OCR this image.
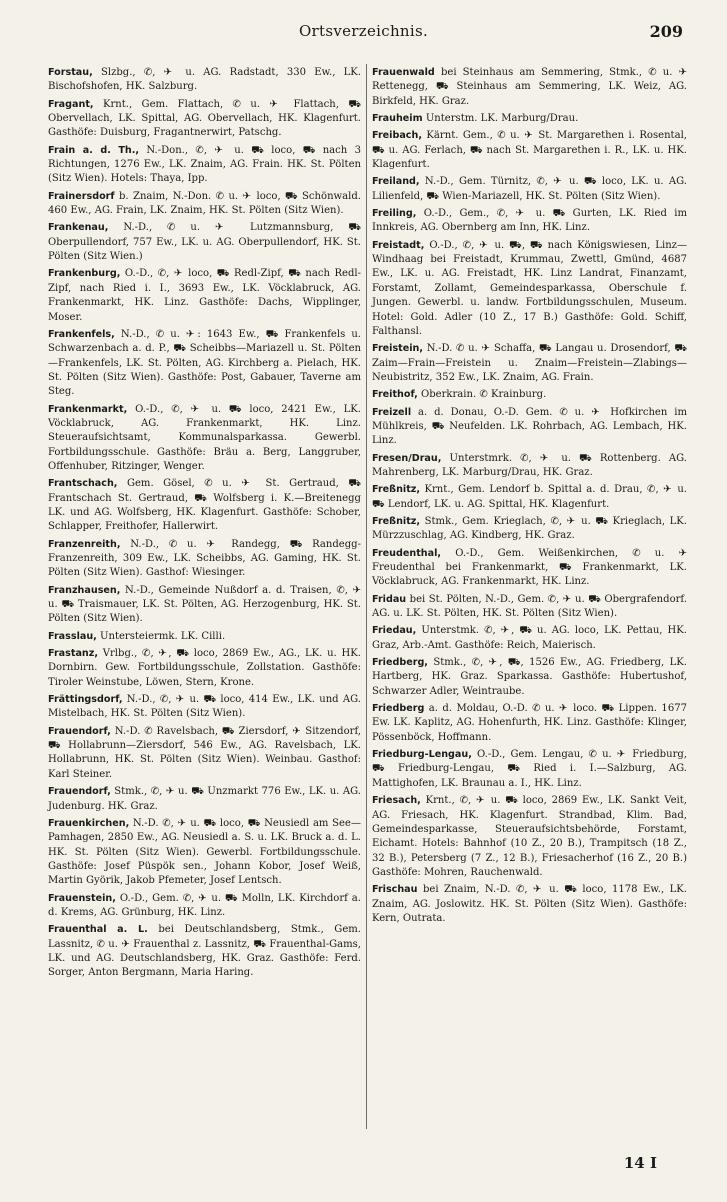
Ortsverzeichnis.	209
Forstau, Slzbg., ✆, ✈ u. AG. Radstadt, 330 Ew., LK. Bischofshofen, HK. Salzburg.
Fragant, Krnt., Gem. Flattach, ✆ u. ✈ Flattach, ⛟ Obervellach, LK. Spittal, AG. Obervellach, HK. Klagenfurt. Gasthöfe: Duisburg, Fragantnerwirt, Patschg.
Frain a. d. Th., N.-Don., ✆, ✈ u. ⛟ loco, ⛟ nach 3 Richtungen, 1276 Ew., LK. Znaim, AG. Frain. HK. St. Pölten (Sitz Wien). Hotels: Thaya, Ipp.
Frainersdorf b. Znaim, N.-Don. ✆ u. ✈ loco, ⛟ Schönwald. 460 Ew., AG. Frain, LK. Znaim, HK. St. Pölten (Sitz Wien).
Frankenau, N.-D., ✆ u. ✈ Lutzmannsburg, ⛟ Oberpullendorf, 757 Ew., LK. u. AG. Oberpullendorf, HK. St. Pölten (Sitz Wien.)
Frankenburg, O.-D., ✆, ✈ loco, ⛟ Redl-Zipf, ⛟ nach Redl-Zipf, nach Ried i. I., 3693 Ew., LK. Vöcklabruck, AG. Frankenmarkt, HK. Linz. Gasthöfe: Dachs, Wipplinger, Moser.
Frankenfels, N.-D., ✆ u. ✈: 1643 Ew., ⛟ Frankenfels u. Schwarzenbach a. d. P., ⛟ Scheibbs—Mariazell u. St. Pölten—Frankenfels, LK. St. Pölten, AG. Kirchberg a. Pielach, HK. St. Pölten (Sitz Wien). Gasthöfe: Post, Gabauer, Taverne am Steg.
Frankenmarkt, O.-D., ✆, ✈ u. ⛟ loco, 2421 Ew., LK. Vöcklabruck, AG. Frankenmarkt, HK. Linz. Steueraufsichtsamt, Kommunalsparkassa. Gewerbl. Fortbildungsschule. Gasthöfe: Bräu a. Berg, Langgruber, Offenhuber, Ritzinger, Wenger.
Frantschach, Gem. Gösel, ✆ u. ✈ St. Gertraud, ⛟ Frantschach St. Gertraud, ⛟ Wolfsberg i. K.—Breitenegg LK. und AG. Wolfsberg, HK. Klagenfurt. Gasthöfe: Schober, Schlapper, Freithofer, Hallerwirt.
Franzenreith, N.-D., ✆ u. ✈ Randegg, ⛟ Randegg-Franzenreith, 309 Ew., LK. Scheibbs, AG. Gaming, HK. St. Pölten (Sitz Wien). Gasthof: Wiesinger.
Franzhausen, N.-D., Gemeinde Nußdorf a. d. Traisen, ✆, ✈ u. ⛟ Traismauer, LK. St. Pölten, AG. Herzogenburg, HK. St. Pölten (Sitz Wien).
Frasslau, Untersteiermk. LK. Cilli.
Frastanz, Vrlbg., ✆, ✈, ⛟ loco, 2869 Ew., AG., LK. u. HK. Dornbirn. Gew. Fortbildungsschule, Zollstation. Gasthöfe: Tiroler Weinstube, Löwen, Stern, Krone.
Frättingsdorf, N.-D., ✆, ✈ u. ⛟ loco, 414 Ew., LK. und AG. Mistelbach, HK. St. Pölten (Sitz Wien).
Frauendorf, N.-D. ✆ Ravelsbach, ⛟ Ziersdorf, ✈ Sitzendorf, ⛟ Hollabrunn—Ziersdorf, 546 Ew., AG. Ravelsbach, LK. Hollabrunn, HK. St. Pölten (Sitz Wien). Weinbau. Gasthof: Karl Steiner.
Frauendorf, Stmk., ✆, ✈ u. ⛟ Unzmarkt 776 Ew., LK. u. AG. Judenburg. HK. Graz.
Frauenkirchen, N.-D. ✆, ✈ u. ⛟ loco, ⛟ Neusiedl am See—Pamhagen, 2850 Ew., AG. Neusiedl a. S. u. LK. Bruck a. d. L. HK. St. Pölten (Sitz Wien). Gewerbl. Fortbildungsschule. Gasthöfe: Josef Püspök sen., Johann Kobor, Josef Weiß, Martin Györik, Jakob Pfemeter, Josef Lentsch.
Frauenstein, O.-D., Gem. ✆, ✈ u. ⛟ Molln, LK. Kirchdorf a. d. Krems, AG. Grünburg, HK. Linz.
Frauenthal a. L. bei Deutschlandsberg, Stmk., Gem. Lassnitz, ✆ u. ✈ Frauenthal z. Lassnitz, ⛟ Frauenthal-Gams, LK. und AG. Deutschlandsberg, HK. Graz. Gasthöfe: Ferd. Sorger, Anton Bergmann, Maria Haring.
Frauenwald bei Steinhaus am Semmering, Stmk., ✆ u. ✈ Rettenegg, ⛟ Steinhaus am Semmering, LK. Weiz, AG. Birkfeld, HK. Graz.
Frauheim Unterstm. LK. Marburg/Drau.
Freibach, Kärnt. Gem., ✆ u. ✈ St. Margarethen i. Rosental, ⛟ u. AG. Ferlach, ⛟ nach St. Margarethen i. R., LK. u. HK. Klagenfurt.
Freiland, N.-D., Gem. Türnitz, ✆, ✈ u. ⛟ loco, LK. u. AG. Lilienfeld, ⛟ Wien-Mariazell, HK. St. Pölten (Sitz Wien).
Freiling, O.-D., Gem., ✆, ✈ u. ⛟ Gurten, LK. Ried im Innkreis, AG. Obernberg am Inn, HK. Linz.
Freistadt, O.-D., ✆, ✈ u. ⛟, ⛟ nach Königswiesen, Linz—Windhaag bei Freistadt, Krummau, Zwettl, Gmünd, 4687 Ew., LK. u. AG. Freistadt, HK. Linz Landrat, Finanzamt, Forstamt, Zollamt, Gemeindesparkassa, Oberschule f. Jungen. Gewerbl. u. landw. Fortbildungsschulen, Museum. Hotel: Gold. Adler (10 Z., 17 B.) Gasthöfe: Gold. Schiff, Falthansl.
Freistein, N.-D. ✆ u. ✈ Schaffa, ⛟ Langau u. Drosendorf, ⛟ Zaim—Frain—Freistein u. Znaim—Freistein—Zlabings—Neubistritz, 352 Ew., LK. Znaim, AG. Frain.
Freithof, Oberkrain. ✆ Krainburg.
Freizell a. d. Donau, O.-D. Gem. ✆ u. ✈ Hofkirchen im Mühlkreis, ⛟ Neufelden. LK. Rohrbach, AG. Lembach, HK. Linz.
Fresen/Drau, Unterstmrk. ✆, ✈ u. ⛟ Rottenberg. AG. Mahrenberg, LK. Marburg/Drau, HK. Graz.
Freßnitz, Krnt., Gem. Lendorf b. Spittal a. d. Drau, ✆, ✈ u. ⛟ Lendorf, LK. u. AG. Spittal, HK. Klagenfurt.
Freßnitz, Stmk., Gem. Krieglach, ✆, ✈ u. ⛟ Krieglach, LK. Mürzzuschlag, AG. Kindberg, HK. Graz.
Freudenthal, O.-D., Gem. Weißenkirchen, ✆ u. ✈ Freudenthal bei Frankenmarkt, ⛟ Frankenmarkt, LK. Vöcklabruck, AG. Frankenmarkt, HK. Linz.
Fridau bei St. Pölten, N.-D., Gem. ✆, ✈ u. ⛟ Obergrafendorf. AG. u. LK. St. Pölten, HK. St. Pölten (Sitz Wien).
Friedau, Unterstmk. ✆, ✈, ⛟ u. AG. loco, LK. Pettau, HK. Graz, Arb.-Amt. Gasthöfe: Reich, Maierisch.
Friedberg, Stmk., ✆, ✈, ⛟, 1526 Ew., AG. Friedberg, LK. Hartberg, HK. Graz. Sparkassa. Gasthöfe: Hubertushof, Schwarzer Adler, Weintraube.
Friedberg a. d. Moldau, O.-D. ✆ u. ✈ loco. ⛟ Lippen. 1677 Ew. LK. Kaplitz, AG. Hohenfurth, HK. Linz. Gasthöfe: Klinger, Pössenböck, Hoffmann.
Friedburg-Lengau, O.-D., Gem. Lengau, ✆ u. ✈ Friedburg, ⛟ Friedburg-Lengau, ⛟ Ried i. I.—Salzburg, AG. Mattighofen, LK. Braunau a. I., HK. Linz.
Friesach, Krnt., ✆, ✈ u. ⛟ loco, 2869 Ew., LK. Sankt Veit, AG. Friesach, HK. Klagenfurt. Strandbad, Klim. Bad, Gemeindesparkasse, Steueraufsichtsbehörde, Forstamt, Eichamt. Hotels: Bahnhof (10 Z., 20 B.), Trampitsch (18 Z., 32 B.), Petersberg (7 Z., 12 B.), Friesacherhof (16 Z., 20 B.) Gasthöfe: Mohren, Rauchenwald.
Frischau bei Znaim, N.-D. ✆, ✈ u. ⛟ loco, 1178 Ew., LK. Znaim, AG. Joslowitz. HK. St. Pölten (Sitz Wien). Gasthöfe: Kern, Outrata.
14 I
